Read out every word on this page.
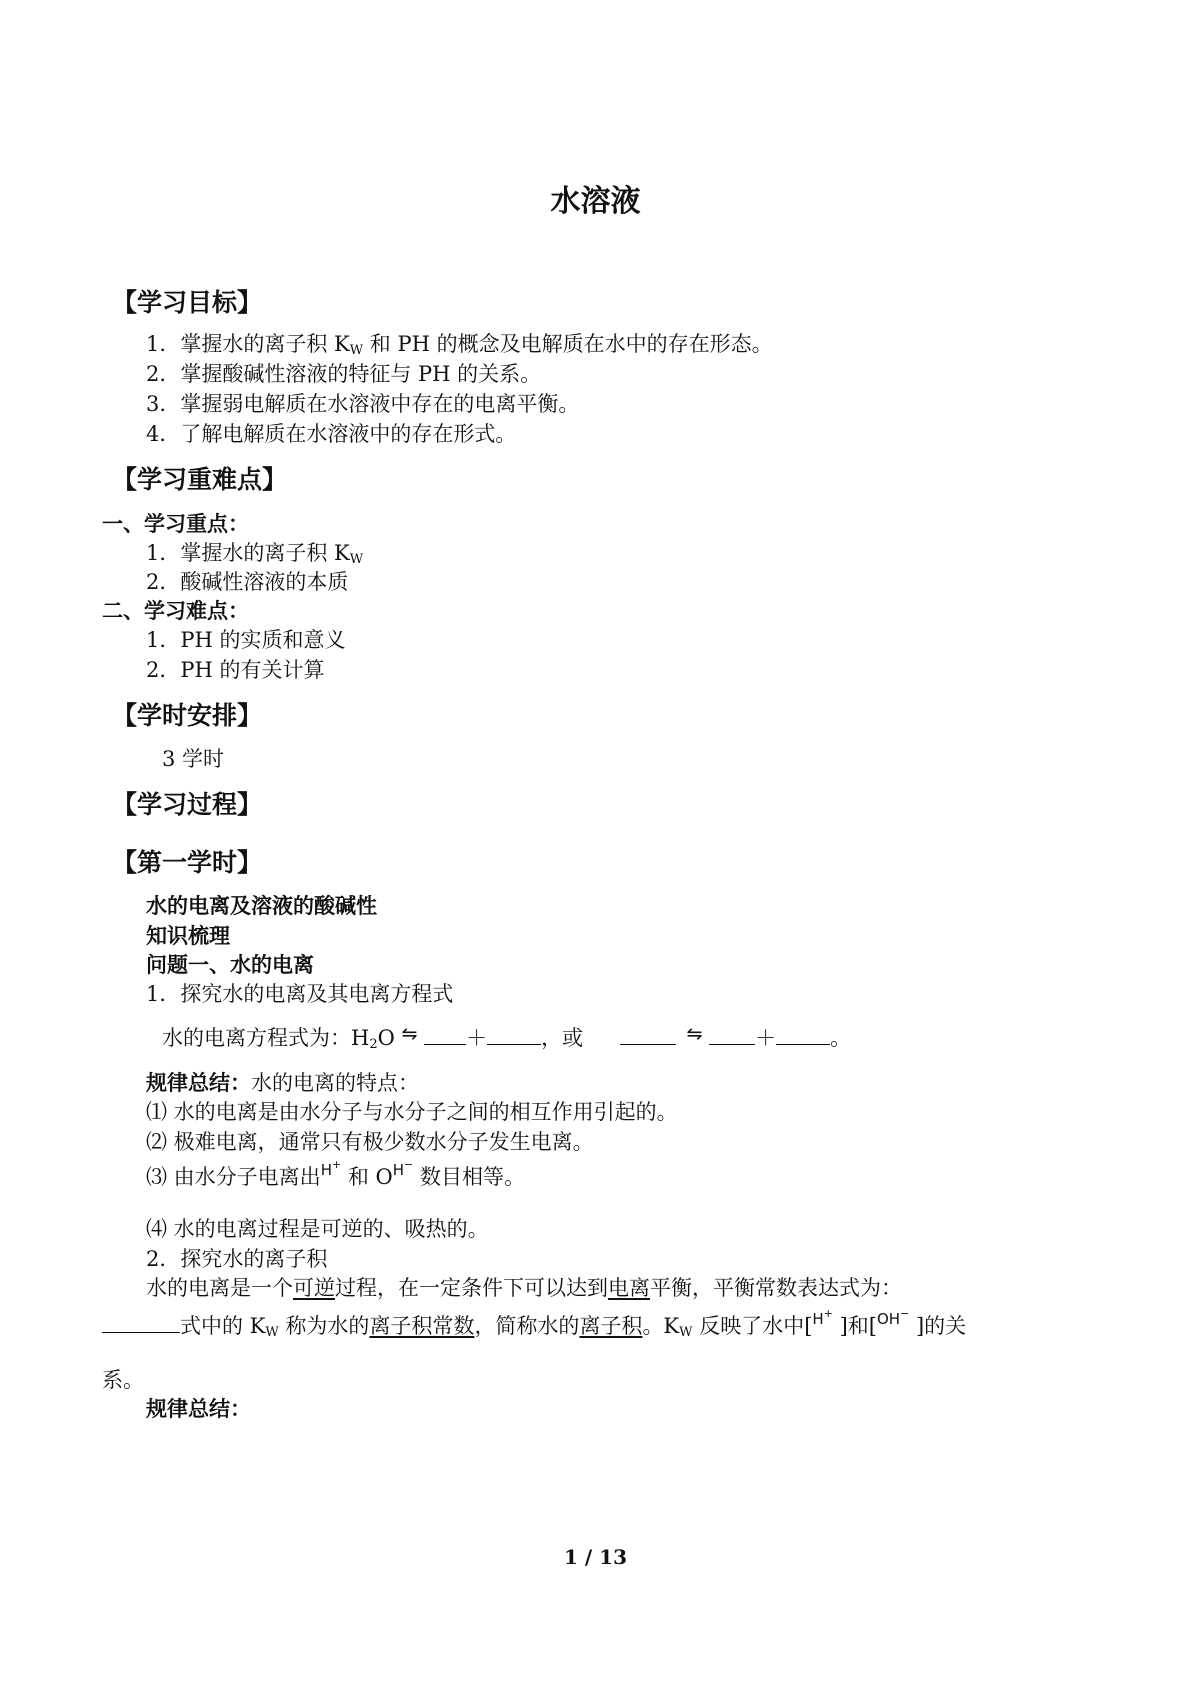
水溶液
【学习目标】
1．掌握水的离子积 $K_W$ 和 PH 的概念及电解质在水中的存在形态。
2．掌握酸碱性溶液的特征与 PH 的关系。
3．掌握弱电解质在水溶液中存在的电离平衡。
4．了解电解质在水溶液中的存在形式。
【学习重难点】
一、学习重点：
1．掌握水的离子积 $K_W$
2．酸碱性溶液的本质
二、学习难点：
1．PH 的实质和意义
2．PH 的有关计算
【学时安排】
3 学时
【学习过程】
【第一学时】
水的电离及溶液的酸碱性
知识梳理
问题一、水的电离
1．探究水的电离及其电离方程式
水的电离方程式为：$H_2O$ ⇋ ＋	，或	⇋	＋	。
规律总结：水的电离的特点：
⑴ 水的电离是由水分子与水分子之间的相互作用引起的。
⑵ 极难电离，通常只有极少数水分子发生电离。
⑶ 由水分子电离出$^{H+}$ 和 $O^{H-}$ 数目相等。
⑷ 水的电离过程是可逆的、吸热的。
2．探究水的离子积
水的电离是一个可逆过程，在一定条件下可以达到电离平衡，平衡常数表达式为：
式中的 $K_W$ 称为水的离子积常数，简称水的离子积。$K_W$ 反映了水中[$^{H+}$ ]和[$^{OH-}$ ]的关
系。
规律总结：
1 / 13
